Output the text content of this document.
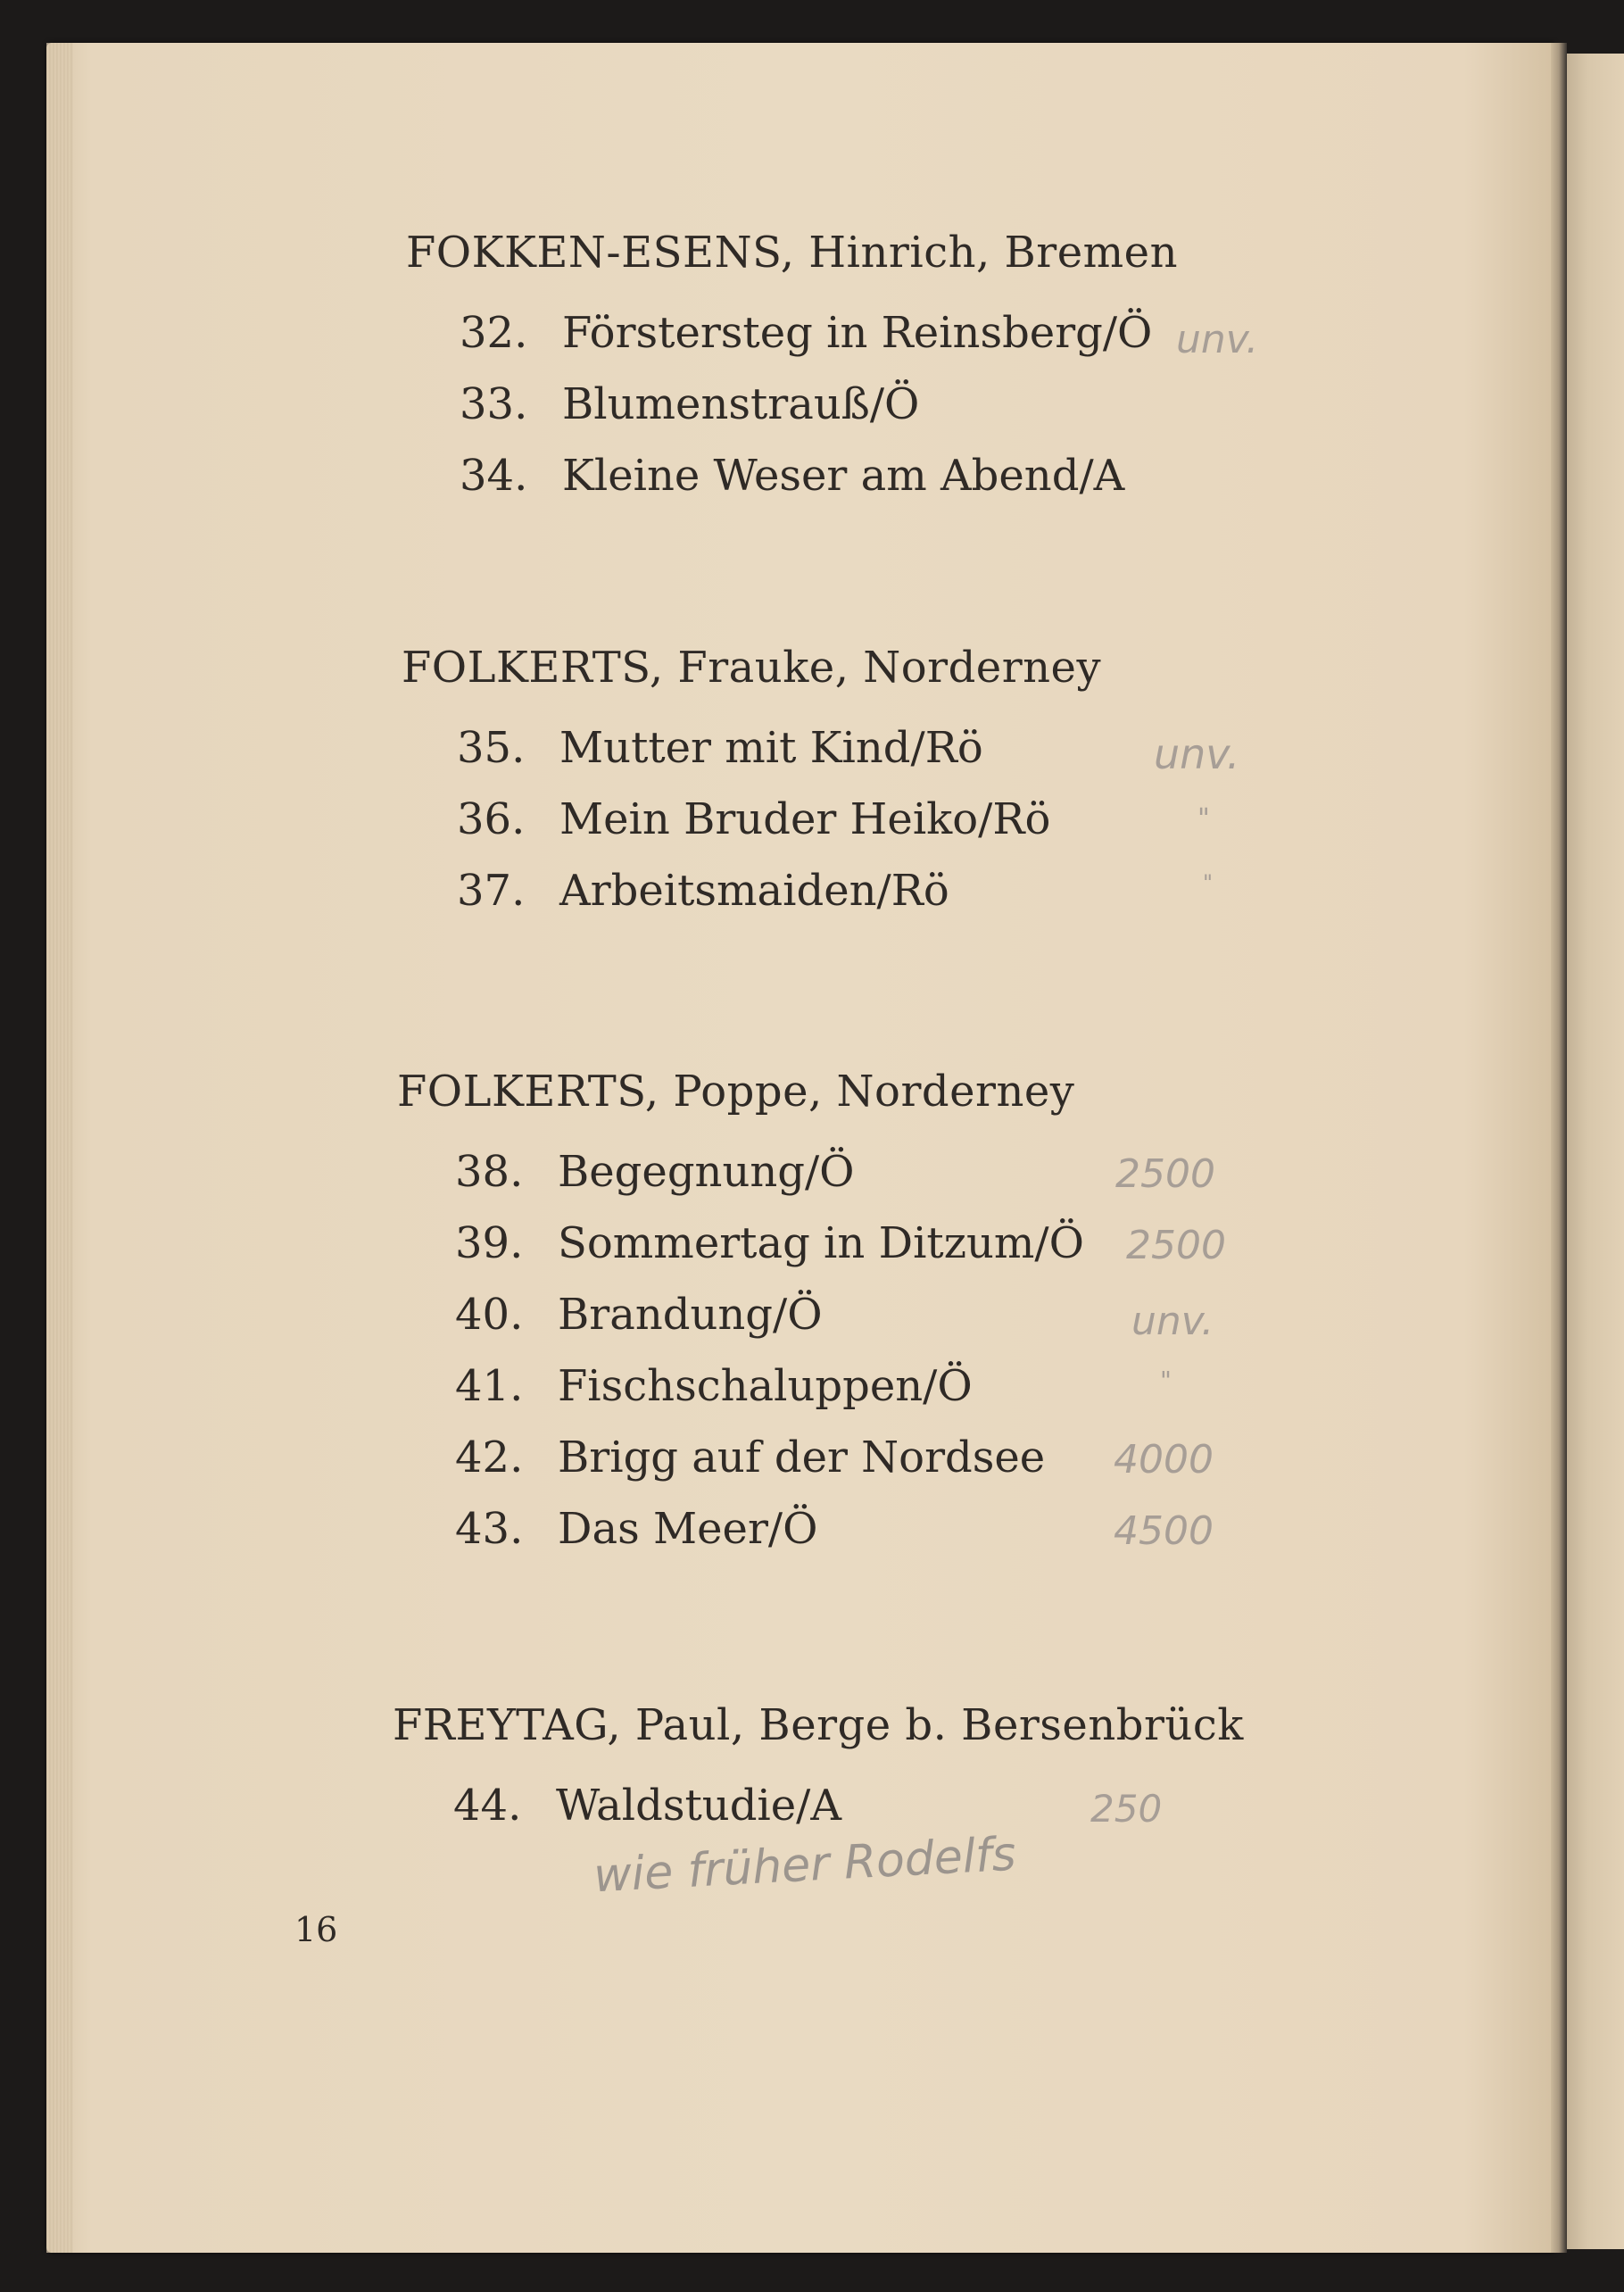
FOKKEN-ESENS, Hinrich, Bremen
32. Förstersteg in Reinsberg/Ö unv.
33. Blumenstrauß/Ö
34. Kleine Weser am Abend/A
FOLKERTS, Frauke, Norderney
35. Mutter mit Kind/Rö	unv.
36. Mein Bruder Heiko/Rö	"
37. Arbeitsmaiden/Rö	"
FOLKERTS, Poppe, Norderney
38. Begegnung/Ö	2500
39. Sommertag in Ditzum/Ö 2500
40. Brandung/Ö	unv.
41. Fischschaluppen/Ö	"
42. Brigg auf der Nordsee 4000
43. Das Meer/Ö	4500
FREYTAG, Paul, Berge b. Bersenbrück
44. Waldstudie/A	250
wie früher Rodelfs
16
